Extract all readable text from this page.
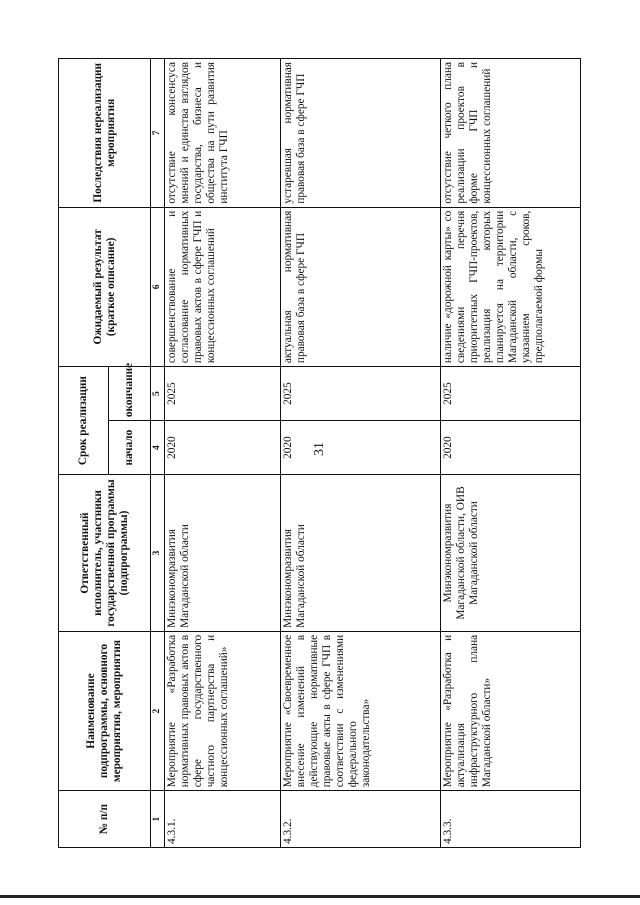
31
№ п/п	Наименование подпрограммы, основного мероприятия, мероприятия	Ответственный исполнитель, участники государственной программы (подпрограммы)	Срок реализации		Ожидаемый результат (краткое описание)	Последствия нереализации мероприятия
			начало	окончание		
1	2	3	4	5	6	7
4.3.1.	Мероприятие «Разработка нормативных правовых актов в сфере государственного частного партнерства и концессионных соглашений»	Минэкономразвития Магаданской области	2020	2025	совершенствование и согласование нормативных правовых актов в сфере ГЧП и концессионных соглашений	отсутствие консенсуса мнений и единства взглядов государства, бизнеса и общества на пути развития института ГЧП
4.3.2.	Мероприятие «Своевременное внесение изменений в действующие нормативные правовые акты в сфере ГЧП в соответствии с изменениями федерального законодательства»	Минэкономразвития Магаданской области	2020	2025	актуальная нормативная правовая база в сфере ГЧП	устаревшая нормативная правовая база в сфере ГЧП
4.3.3.	Мероприятие «Разработка и актуализация инфраструктурного плана Магаданской области»	Минэкономразвития Магаданской области, ОИВ Магаданской области	2020	2025	наличие «дорожной карты» со сведениями перечня приоритетных ГЧП-проектов, реализация которых планируется на территории Магаданской области, с указанием сроков, предполагаемой формы	отсутствие четкого плана реализации проектов в форме ГЧП и концессионных соглашений
